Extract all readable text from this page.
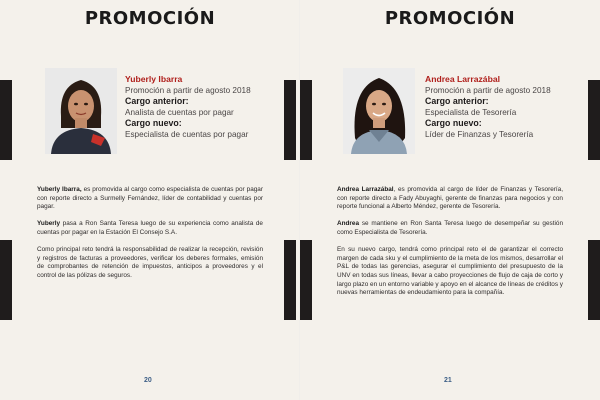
PROMOCIÓN
Yuberly Ibarra
Promoción a partir de agosto 2018
Cargo anterior:
Analista de cuentas por pagar
Cargo nuevo:
Especialista de cuentas por pagar

Yuberly Ibarra, es promovida al cargo como especialista de cuentas por pagar con reporte directo a Surmelly Fernández, líder de contabilidad y cuentas por pagar.

Yuberly pasa a Ron Santa Teresa luego de su experiencia como analista de cuentas por pagar en la Estación El Consejo S.A.

Como principal reto tendrá la responsabilidad de realizar la recepción, revisión y registros de facturas a proveedores, verificar los deberes formales, emisión de comprobantes de retención de impuestos, anticipos a proveedores y el control de las pólizas de seguros.

20
PROMOCIÓN
Andrea Larrazábal
Promoción a partir de agosto 2018
Cargo anterior:
Especialista de Tesorería
Cargo nuevo:
Líder de Finanzas y Tesorería

Andrea Larrazábal, es promovida al cargo de líder de Finanzas y Tesorería, con reporte directo a Fady Abuyaghi, gerente de finanzas para negocios y con reporte funcional a Alberto Méndez, gerente de Tesorería.

Andrea se mantiene en Ron Santa Teresa luego de desempeñar su gestión como Especialista de Tesorería.

En su nuevo cargo, tendrá como principal reto el de garantizar el correcto margen de cada sku y el cumplimiento de la meta de los mismos, desarrollar el P&L de todas las gerencias, asegurar el cumplimiento del presupuesto de la UNV en todas sus líneas, llevar a cabo proyecciones de flujo de caja de corto y largo plazo en un entorno variable y apoyo en el alcance de líneas de créditos y nuevas herramientas de endeudamiento para la compañía.

21
